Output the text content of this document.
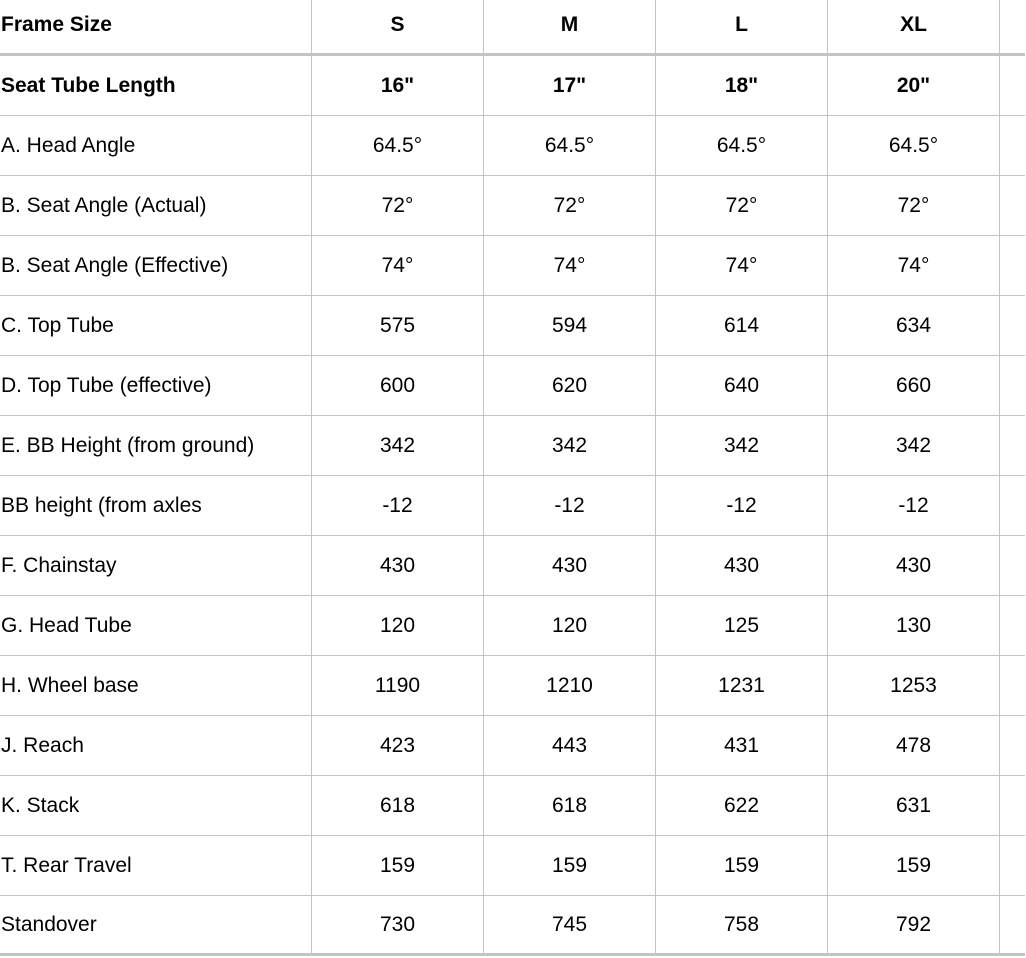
Frame Size	S	M	L	XL	
Seat Tube Length	16"	17"	18"	20"	
A. Head Angle	64.5°	64.5°	64.5°	64.5°	
B. Seat Angle (Actual)	72°	72°	72°	72°	
B. Seat Angle (Effective)	74°	74°	74°	74°	
C. Top Tube	575	594	614	634	
D. Top Tube (effective)	600	620	640	660	
E. BB Height (from ground)	342	342	342	342	
BB height (from axles	-12	-12	-12	-12	
F. Chainstay	430	430	430	430	
G. Head Tube	120	120	125	130	
H. Wheel base	1190	1210	1231	1253	
J. Reach	423	443	431	478	
K. Stack	618	618	622	631	
T. Rear Travel	159	159	159	159	
Standover	730	745	758	792	
